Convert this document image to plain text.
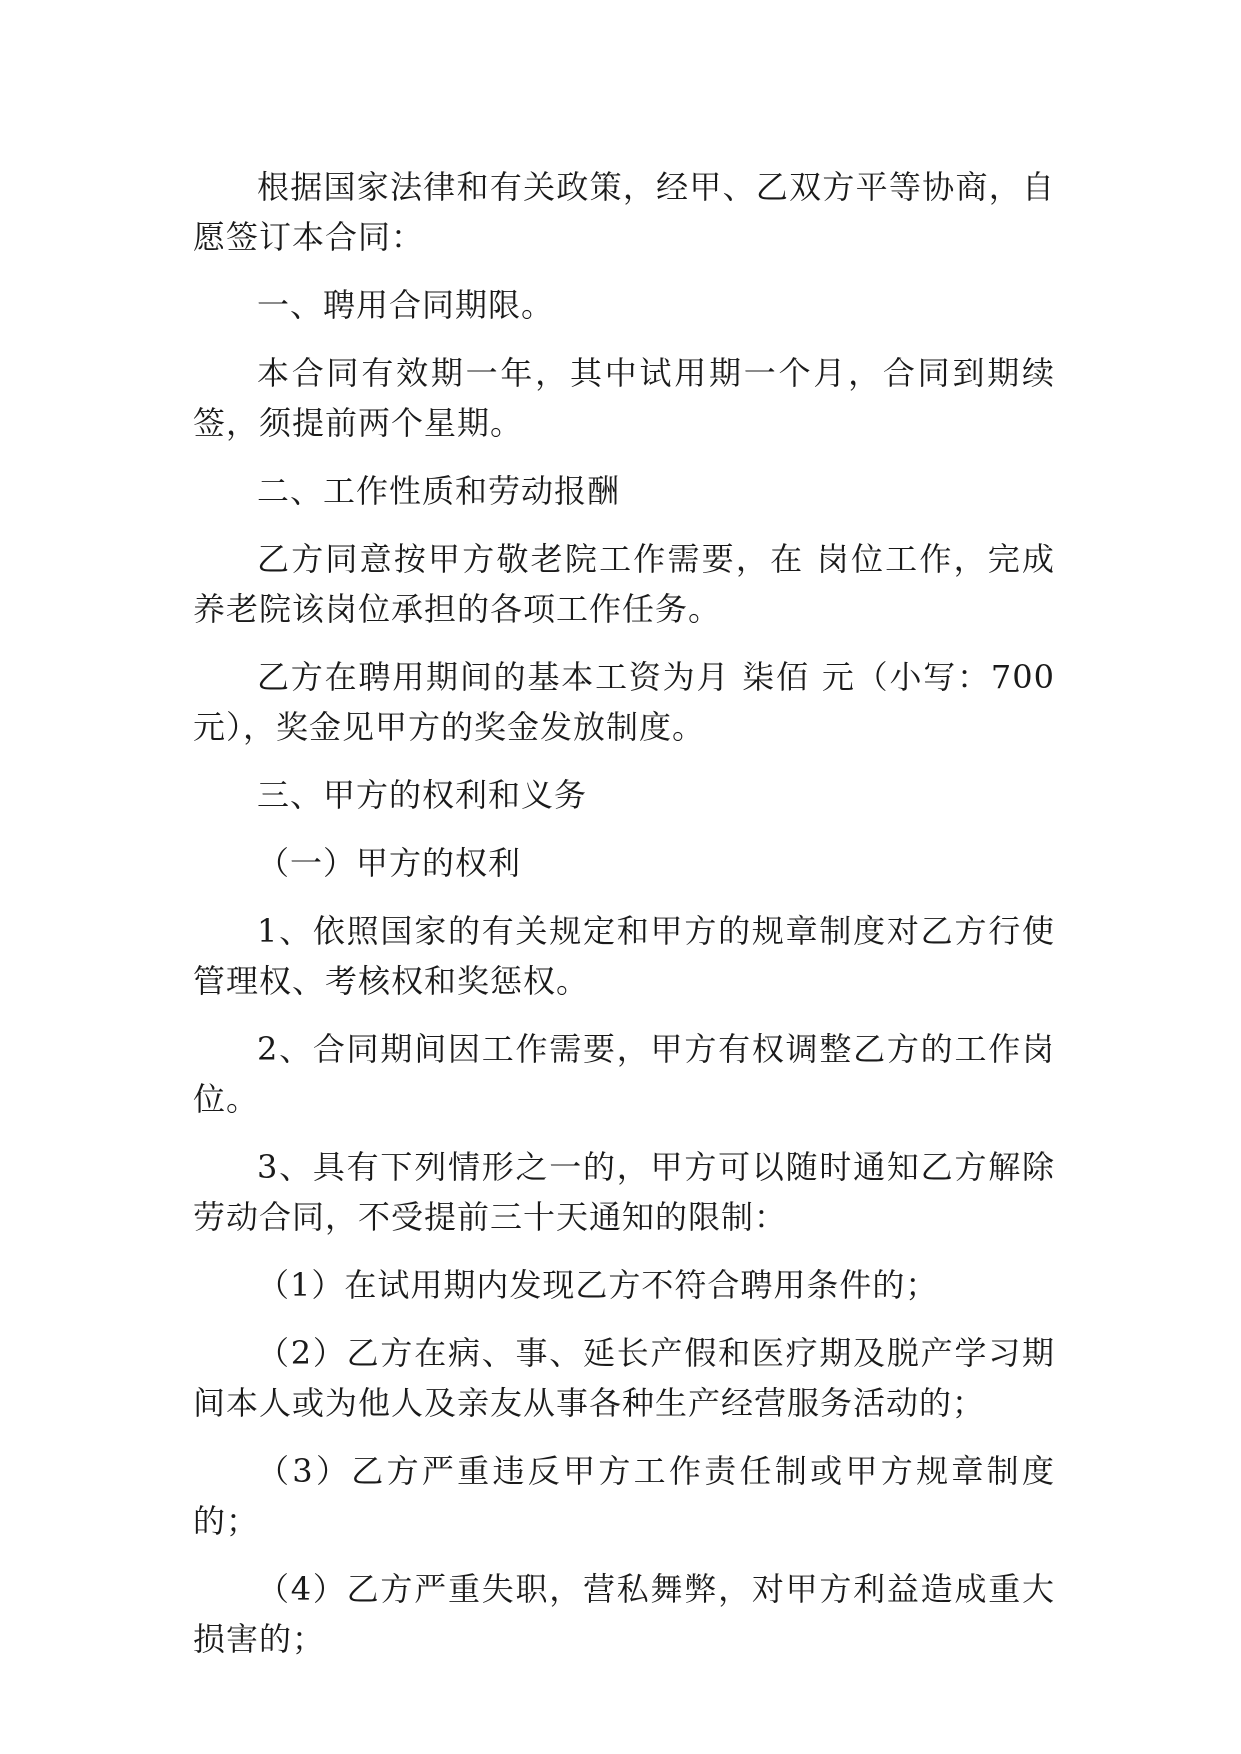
根据国家法律和有关政策，经甲、乙双方平等协商，自愿签订本合同：

一、聘用合同期限。

本合同有效期一年，其中试用期一个月，合同到期续签，须提前两个星期。

二、工作性质和劳动报酬

乙方同意按甲方敬老院工作需要，在 岗位工作，完成养老院该岗位承担的各项工作任务。

乙方在聘用期间的基本工资为月 柒佰 元（小写：700元），奖金见甲方的奖金发放制度。

三、甲方的权利和义务

（一）甲方的权利

1、依照国家的有关规定和甲方的规章制度对乙方行使管理权、考核权和奖惩权。

2、合同期间因工作需要，甲方有权调整乙方的工作岗位。

3、具有下列情形之一的，甲方可以随时通知乙方解除劳动合同，不受提前三十天通知的限制：

（1）在试用期内发现乙方不符合聘用条件的；

（2）乙方在病、事、延长产假和医疗期及脱产学习期间本人或为他人及亲友从事各种生产经营服务活动的；

（3）乙方严重违反甲方工作责任制或甲方规章制度的；

（4）乙方严重失职，营私舞弊，对甲方利益造成重大损害的；
